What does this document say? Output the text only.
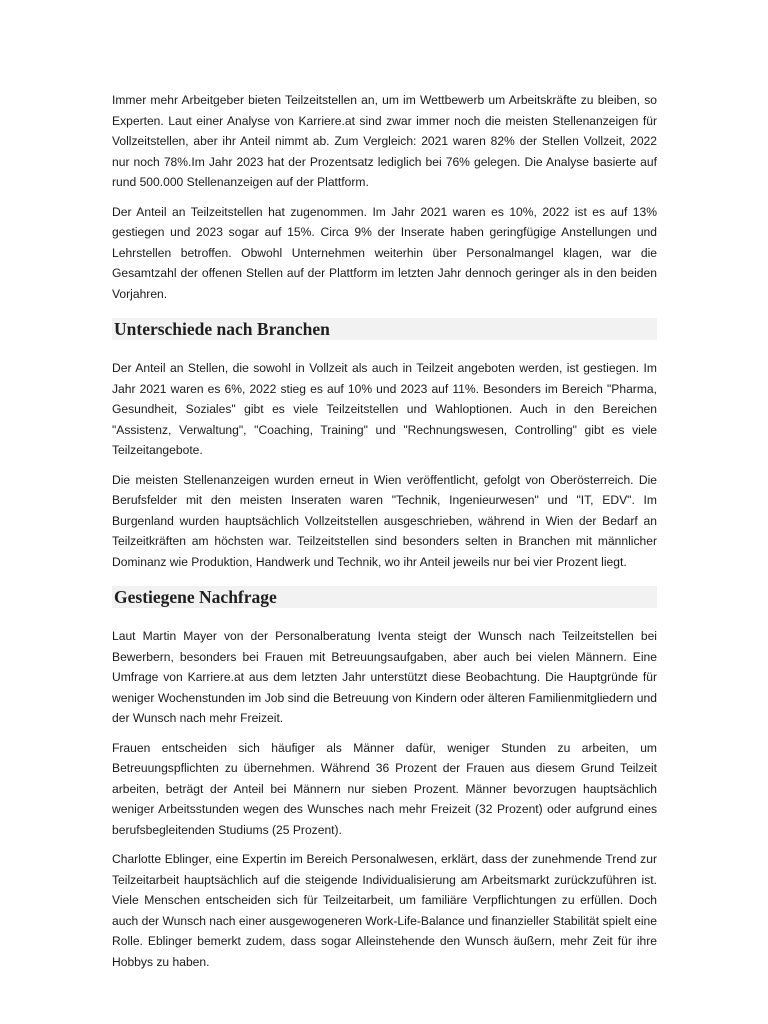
Immer mehr Arbeitgeber bieten Teilzeitstellen an, um im Wettbewerb um Arbeitskräfte zu bleiben, so Experten. Laut einer Analyse von Karriere.at sind zwar immer noch die meisten Stellenanzeigen für Vollzeitstellen, aber ihr Anteil nimmt ab. Zum Vergleich: 2021 waren 82% der Stellen Vollzeit, 2022 nur noch 78%.Im Jahr 2023 hat der Prozentsatz lediglich bei 76% gelegen. Die Analyse basierte auf rund 500.000 Stellenanzeigen auf der Plattform.

Der Anteil an Teilzeitstellen hat zugenommen. Im Jahr 2021 waren es 10%, 2022 ist es auf 13% gestiegen und 2023 sogar auf 15%. Circa 9% der Inserate haben geringfügige Anstellungen und Lehrstellen betroffen. Obwohl Unternehmen weiterhin über Personalmangel klagen, war die Gesamtzahl der offenen Stellen auf der Plattform im letzten Jahr dennoch geringer als in den beiden Vorjahren.

Unterschiede nach Branchen

Der Anteil an Stellen, die sowohl in Vollzeit als auch in Teilzeit angeboten werden, ist gestiegen. Im Jahr 2021 waren es 6%, 2022 stieg es auf 10% und 2023 auf 11%. Besonders im Bereich "Pharma, Gesundheit, Soziales" gibt es viele Teilzeitstellen und Wahloptionen. Auch in den Bereichen "Assistenz, Verwaltung", "Coaching, Training" und "Rechnungswesen, Controlling" gibt es viele Teilzeitangebote.

Die meisten Stellenanzeigen wurden erneut in Wien veröffentlicht, gefolgt von Oberösterreich. Die Berufsfelder mit den meisten Inseraten waren "Technik, Ingenieurwesen" und "IT, EDV". Im Burgenland wurden hauptsächlich Vollzeitstellen ausgeschrieben, während in Wien der Bedarf an Teilzeitkräften am höchsten war. Teilzeitstellen sind besonders selten in Branchen mit männlicher Dominanz wie Produktion, Handwerk und Technik, wo ihr Anteil jeweils nur bei vier Prozent liegt.

Gestiegene Nachfrage

Laut Martin Mayer von der Personalberatung Iventa steigt der Wunsch nach Teilzeitstellen bei Bewerbern, besonders bei Frauen mit Betreuungsaufgaben, aber auch bei vielen Männern. Eine Umfrage von Karriere.at aus dem letzten Jahr unterstützt diese Beobachtung. Die Hauptgründe für weniger Wochenstunden im Job sind die Betreuung von Kindern oder älteren Familienmitgliedern und der Wunsch nach mehr Freizeit.

Frauen entscheiden sich häufiger als Männer dafür, weniger Stunden zu arbeiten, um Betreuungspflichten zu übernehmen. Während 36 Prozent der Frauen aus diesem Grund Teilzeit arbeiten, beträgt der Anteil bei Männern nur sieben Prozent. Männer bevorzugen hauptsächlich weniger Arbeitsstunden wegen des Wunsches nach mehr Freizeit (32 Prozent) oder aufgrund eines berufsbegleitenden Studiums (25 Prozent).

Charlotte Eblinger, eine Expertin im Bereich Personalwesen, erklärt, dass der zunehmende Trend zur Teilzeitarbeit hauptsächlich auf die steigende Individualisierung am Arbeitsmarkt zurückzuführen ist. Viele Menschen entscheiden sich für Teilzeitarbeit, um familiäre Verpflichtungen zu erfüllen. Doch auch der Wunsch nach einer ausgewogeneren Work-Life-Balance und finanzieller Stabilität spielt eine Rolle. Eblinger bemerkt zudem, dass sogar Alleinstehende den Wunsch äußern, mehr Zeit für ihre Hobbys zu haben.
